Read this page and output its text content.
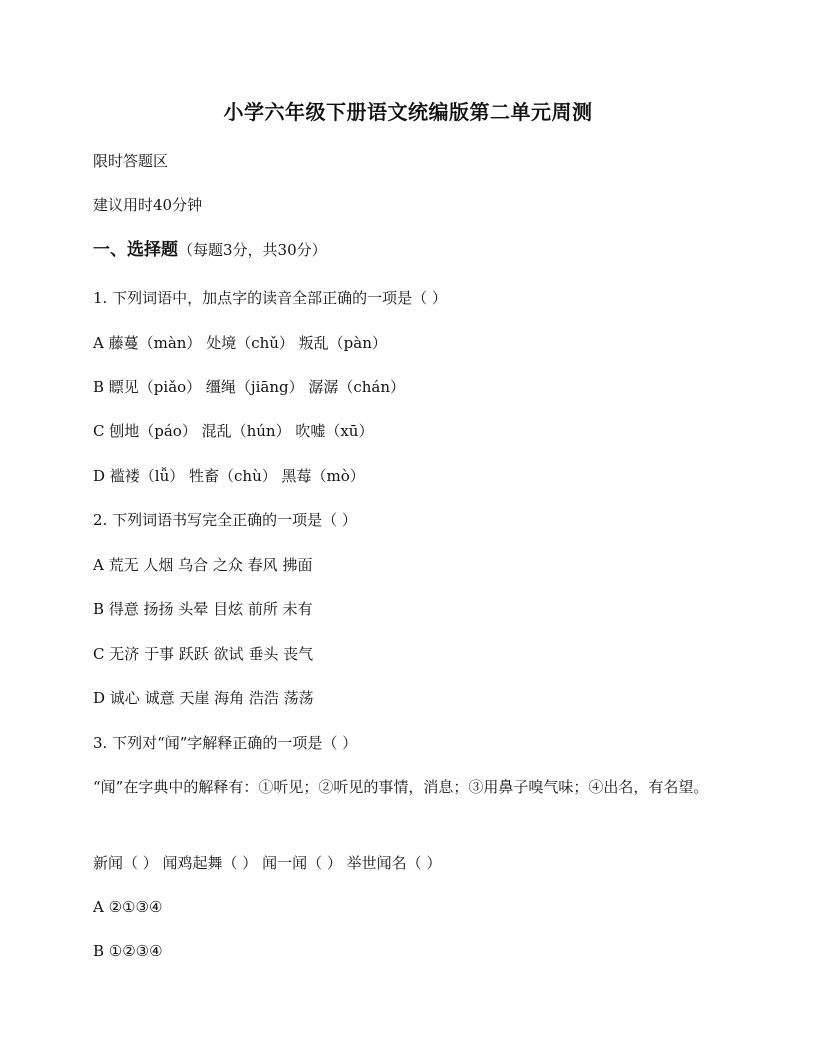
小学六年级下册语文统编版第二单元周测

限时答题区

建议用时40分钟

一、选择题（每题3分，共30分）

1. 下列词语中，加点字的读音全部正确的一项是（ ）

A 藤蔓（màn） 处境（chǔ） 叛乱（pàn）

B 瞟见（piǎo） 缰绳（jiāng） 潺潺（chán）

C 刨地（páo） 混乱（hún） 吹嘘（xū）

D 褴褛（lǚ） 牲畜（chù） 黑莓（mò）

2. 下列词语书写完全正确的一项是（ ）

A 荒无 人烟 乌合 之众 春风 拂面

B 得意 扬扬 头晕 目炫 前所 未有

C 无济 于事 跃跃 欲试 垂头 丧气

D 诚心 诚意 天崖 海角 浩浩 荡荡

3. 下列对“闻”字解释正确的一项是（ ）

“闻”在字典中的解释有：①听见；②听见的事情，消息；③用鼻子嗅气味；④出名，有名望。

新闻（ ） 闻鸡起舞（ ） 闻一闻（ ） 举世闻名（ ）

A ②①③④

B ①②③④
